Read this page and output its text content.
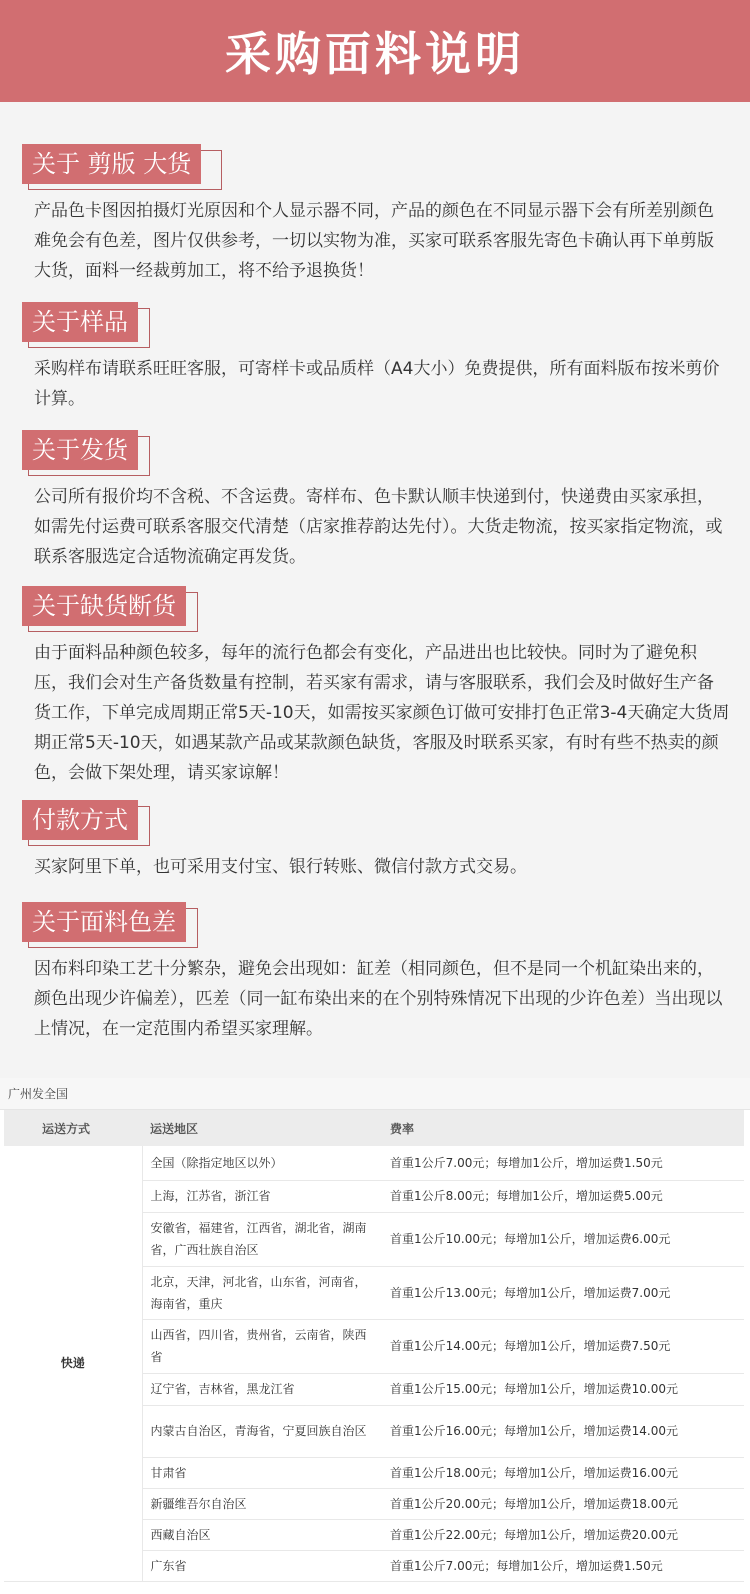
采购面料说明
关于 剪版 大货
产品色卡图因拍摄灯光原因和个人显示器不同，产品的颜色在不同显示器下会有所差别颜色难免会有色差，图片仅供参考，一切以实物为准，买家可联系客服先寄色卡确认再下单剪版 大货，面料一经裁剪加工，将不给予退换货！
关于样品
采购样布请联系旺旺客服，可寄样卡或品质样（A4大小）免费提供，所有面料版布按米剪价计算。
关于发货
公司所有报价均不含税、不含运费。寄样布、色卡默认顺丰快递到付，快递费由买家承担，如需先付运费可联系客服交代清楚（店家推荐韵达先付）。大货走物流，按买家指定物流，或联系客服选定合适物流确定再发货。
关于缺货断货
由于面料品种颜色较多，每年的流行色都会有变化，产品进出也比较快。同时为了避免积压，我们会对生产备货数量有控制，若买家有需求，请与客服联系，我们会及时做好生产备货工作，下单完成周期正常5天-10天，如需按买家颜色订做可安排打色正常3-4天确定大货周期正常5天-10天，如遇某款产品或某款颜色缺货，客服及时联系买家，有时有些不热卖的颜色，会做下架处理，请买家谅解！
付款方式
买家阿里下单，也可采用支付宝、银行转账、微信付款方式交易。
关于面料色差
因布料印染工艺十分繁杂，避免会出现如：缸差（相同颜色，但不是同一个机缸染出来的，颜色出现少许偏差），匹差（同一缸布染出来的在个别特殊情况下出现的少许色差）当出现以上情况，在一定范围内希望买家理解。
广州发全国
运送方式	运送地区	费率
快递	全国（除指定地区以外）	首重1公斤7.00元；每增加1公斤，增加运费1.50元
	上海，江苏省，浙江省	首重1公斤8.00元；每增加1公斤，增加运费5.00元
	安徽省，福建省，江西省，湖北省，湖南省，广西壮族自治区	首重1公斤10.00元；每增加1公斤，增加运费6.00元
	北京，天津，河北省，山东省，河南省，海南省，重庆	首重1公斤13.00元；每增加1公斤，增加运费7.00元
	山西省，四川省，贵州省，云南省，陕西省	首重1公斤14.00元；每增加1公斤，增加运费7.50元
	辽宁省，吉林省，黑龙江省	首重1公斤15.00元；每增加1公斤，增加运费10.00元
	内蒙古自治区，青海省，宁夏回族自治区	首重1公斤16.00元；每增加1公斤，增加运费14.00元
	甘肃省	首重1公斤18.00元；每增加1公斤，增加运费16.00元
	新疆维吾尔自治区	首重1公斤20.00元；每增加1公斤，增加运费18.00元
	西藏自治区	首重1公斤22.00元；每增加1公斤，增加运费20.00元
	广东省	首重1公斤7.00元；每增加1公斤，增加运费1.50元
